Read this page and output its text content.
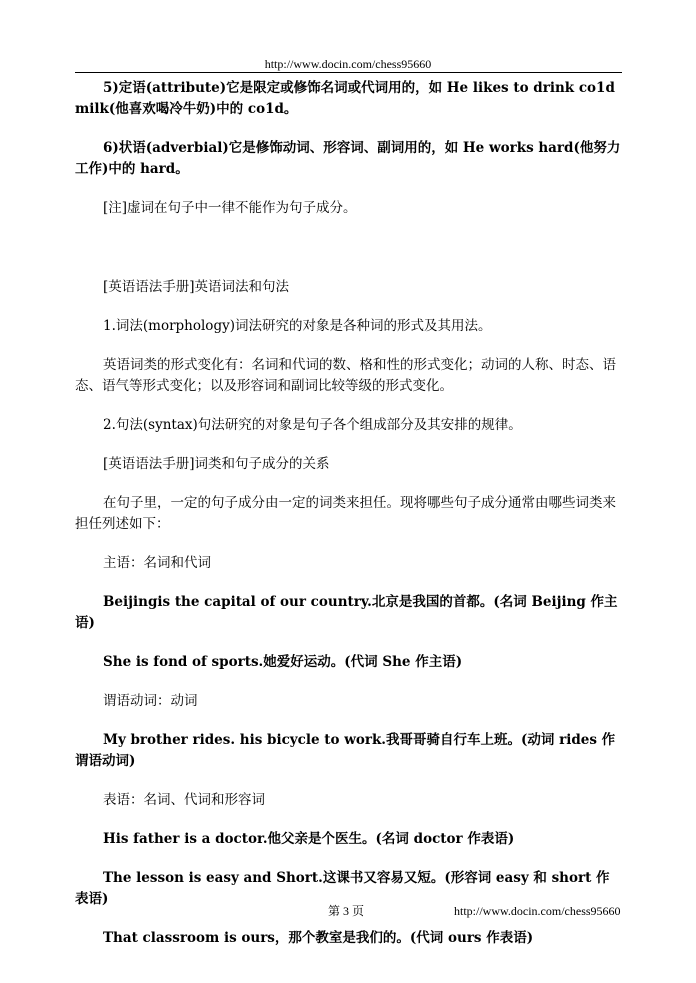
http://www.docin.com/chess95660

5)定语(attribute)它是限定或修饰名词或代词用的，如 He likes to drink co1d milk(他喜欢喝冷牛奶)中的 co1d。

6)状语(adverbial)它是修饰动词、形容词、副词用的，如 He works hard(他努力工作)中的 hard。

[注]虚词在句子中一律不能作为句子成分。

[英语语法手册]英语词法和句法

1.词法(morphology)词法研究的对象是各种词的形式及其用法。

英语词类的形式变化有：名词和代词的数、格和性的形式变化；动词的人称、时态、语态、语气等形式变化；以及形容词和副词比较等级的形式变化。

2.句法(syntax)句法研究的对象是句子各个组成部分及其安排的规律。

[英语语法手册]词类和句子成分的关系

在句子里，一定的句子成分由一定的词类来担任。现将哪些句子成分通常由哪些词类来担任列述如下：

主语：名词和代词

Beijingis the capital of our country.北京是我国的首都。(名词 Beijing 作主语)

She is fond of sports.她爱好运动。(代词 She 作主语)

谓语动词：动词

My brother rides. his bicycle to work.我哥哥骑自行车上班。(动词 rides 作谓语动词)

表语：名词、代词和形容词

His father is a doctor.他父亲是个医生。(名词 doctor 作表语)

The lesson is easy and Short.这课书又容易又短。(形容词 easy 和 short 作表语)

That classroom is ours，那个教室是我们的。(代词 ours 作表语)

第 3 页	http://www.docin.com/chess95660
